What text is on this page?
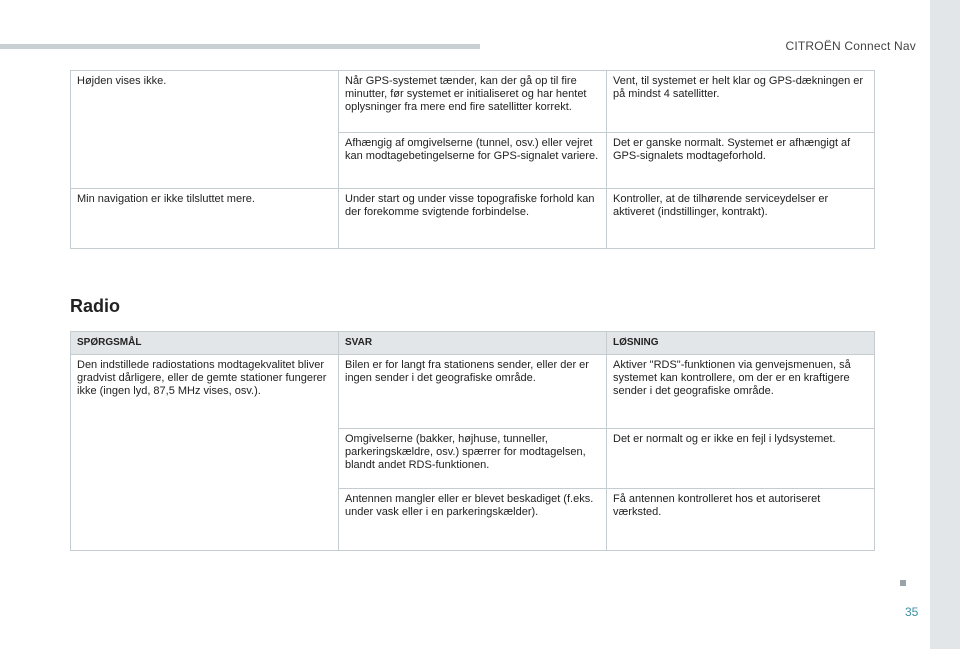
CITROËN Connect Nav
Højden vises ikke.	Når GPS-systemet tænder, kan der gå op til fire minutter, før systemet er initialiseret og har hentet oplysninger fra mere end fire satellitter korrekt.	Vent, til systemet er helt klar og GPS-dækningen er på mindst 4 satellitter.
	Afhængig af omgivelserne (tunnel, osv.) eller vejret kan modtagebetingelserne for GPS-signalet variere.	Det er ganske normalt. Systemet er afhængigt af GPS-signalets modtageforhold.
Min navigation er ikke tilsluttet mere.	Under start og under visse topografiske forhold kan der forekomme svigtende forbindelse.	Kontroller, at de tilhørende serviceydelser er aktiveret (indstillinger, kontrakt).
Radio
SPØRGSMÅL	SVAR	LØSNING
Den indstillede radiostations modtagekvalitet bliver gradvist dårligere, eller de gemte stationer fungerer ikke (ingen lyd, 87,5 MHz vises, osv.).	Bilen er for langt fra stationens sender, eller der er ingen sender i det geografiske område.	Aktiver "RDS"-funktionen via genvejsmenuen, så systemet kan kontrollere, om der er en kraftigere sender i det geografiske område.
	Omgivelserne (bakker, højhuse, tunneller, parkeringskældre, osv.) spærrer for modtagelsen, blandt andet RDS-funktionen.	Det er normalt og er ikke en fejl i lydsystemet.
	Antennen mangler eller er blevet beskadiget (f.eks. under vask eller i en parkeringskælder).	Få antennen kontrolleret hos et autoriseret værksted.
35
